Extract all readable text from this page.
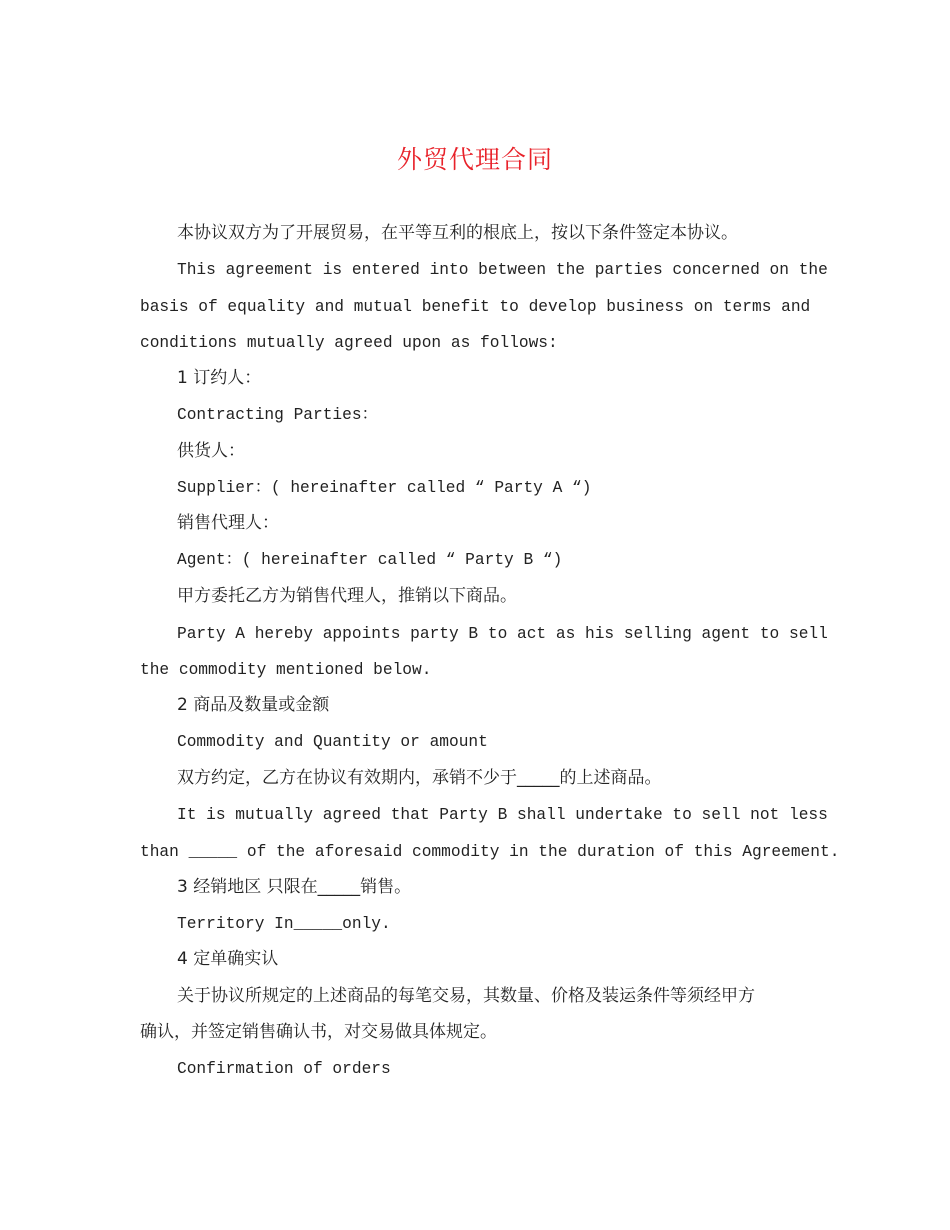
外贸代理合同

本协议双方为了开展贸易，在平等互利的根底上，按以下条件签定本协议。

This agreement is entered into between the parties concerned on the

basis of equality and mutual benefit to develop business on terms and

conditions mutually agreed upon as follows:

1 订约人：

Contracting Parties：

供货人：

Supplier：( hereinafter called “ Party A “)

销售代理人：

Agent：( hereinafter called “ Party B “)

甲方委托乙方为销售代理人，推销以下商品。

Party A hereby appoints party B to act as his selling agent to sell

the commodity mentioned below.

2 商品及数量或金额

Commodity and Quantity or amount

双方约定，乙方在协议有效期内，承销不少于_____的上述商品。

It is mutually agreed that Party B shall undertake to sell not less

than _____ of the aforesaid commodity in the duration of this Agreement.

3 经销地区 只限在_____销售。

Territory In_____only.

4 定单确实认

关于协议所规定的上述商品的每笔交易，其数量、价格及装运条件等须经甲方

确认，并签定销售确认书，对交易做具体规定。

Confirmation of orders
